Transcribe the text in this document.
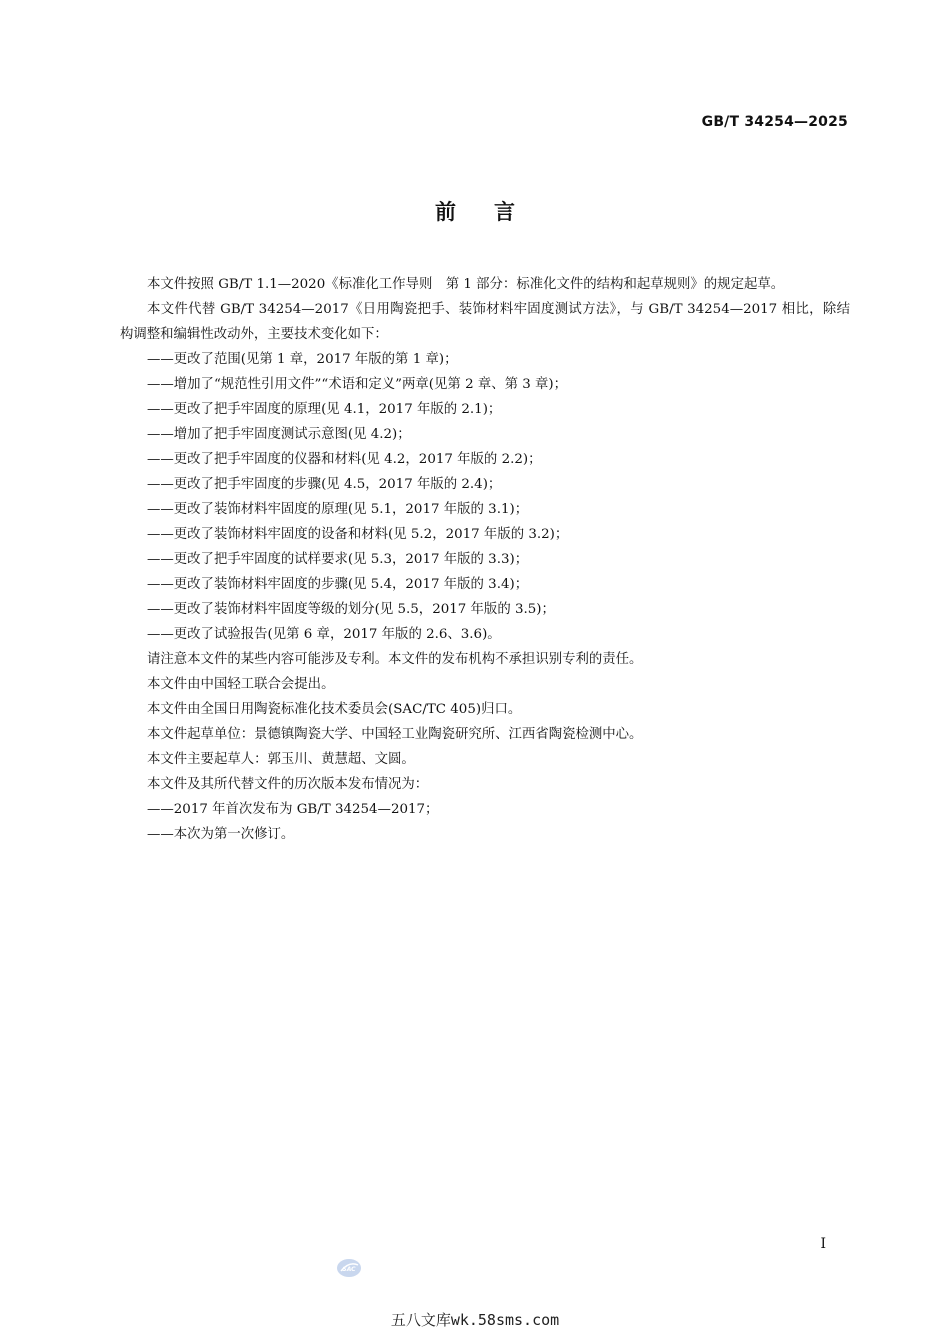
GB/T 34254—2025
前言

本文件按照 GB/T 1.1—2020《标准化工作导则　第 1 部分：标准化文件的结构和起草规则》的规定起草。

本文件代替 GB/T 34254—2017《日用陶瓷把手、装饰材料牢固度测试方法》，与 GB/T 34254—2017 相比，除结构调整和编辑性改动外，主要技术变化如下：

——更改了范围(见第 1 章，2017 年版的第 1 章)；

——增加了“规范性引用文件”“术语和定义”两章(见第 2 章、第 3 章)；

——更改了把手牢固度的原理(见 4.1，2017 年版的 2.1)；

——增加了把手牢固度测试示意图(见 4.2)；

——更改了把手牢固度的仪器和材料(见 4.2，2017 年版的 2.2)；

——更改了把手牢固度的步骤(见 4.5，2017 年版的 2.4)；

——更改了装饰材料牢固度的原理(见 5.1，2017 年版的 3.1)；

——更改了装饰材料牢固度的设备和材料(见 5.2，2017 年版的 3.2)；

——更改了把手牢固度的试样要求(见 5.3，2017 年版的 3.3)；

——更改了装饰材料牢固度的步骤(见 5.4，2017 年版的 3.4)；

——更改了装饰材料牢固度等级的划分(见 5.5，2017 年版的 3.5)；

——更改了试验报告(见第 6 章，2017 年版的 2.6、3.6)。

请注意本文件的某些内容可能涉及专利。本文件的发布机构不承担识别专利的责任。

本文件由中国轻工联合会提出。

本文件由全国日用陶瓷标准化技术委员会(SAC/TC 405)归口。

本文件起草单位：景德镇陶瓷大学、中国轻工业陶瓷研究所、江西省陶瓷检测中心。

本文件主要起草人：郭玉川、黄慧超、文圆。

本文件及其所代替文件的历次版本发布情况为：

——2017 年首次发布为 GB/T 34254—2017；

——本次为第一次修订。

I
SAC
五八文库wk.58sms.com
